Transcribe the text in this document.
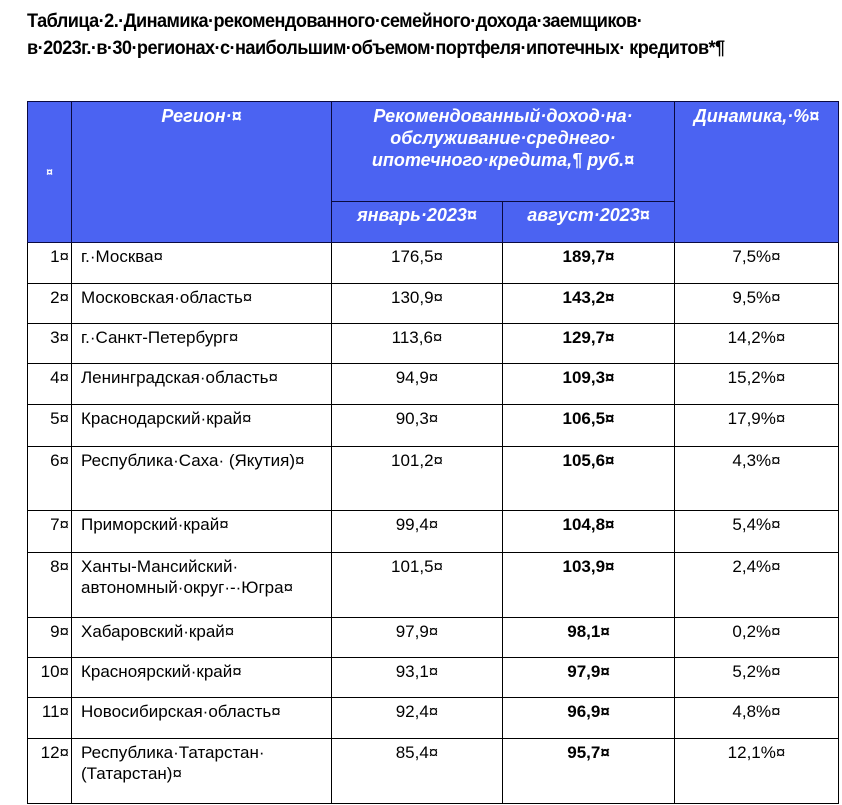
Таблица·2.·Динамика·рекомендованного·семейного·дохода·заемщиков· в·2023г.·в·30·регионах·с·наибольшим·объемом·портфеля·ипотечных· кредитов*¶
¤	Регион·¤	Рекомендованный·доход·на· обслуживание·среднего· ипотечного·кредита,¶ руб.¤		Динамика,·%¤
		январь·2023¤	август·2023¤	
1¤	г.·Москва¤	176,5¤	189,7¤	7,5%¤
2¤	Московская·область¤	130,9¤	143,2¤	9,5%¤
3¤	г.·Санкт-Петербург¤	113,6¤	129,7¤	14,2%¤
4¤	Ленинградская·область¤	94,9¤	109,3¤	15,2%¤
5¤	Краснодарский·край¤	90,3¤	106,5¤	17,9%¤
6¤	Республика·Саха· (Якутия)¤	101,2¤	105,6¤	4,3%¤
7¤	Приморский·край¤	99,4¤	104,8¤	5,4%¤
8¤	Ханты-Мансийский· автономный·округ·-·Югра¤	101,5¤	103,9¤	2,4%¤
9¤	Хабаровский·край¤	97,9¤	98,1¤	0,2%¤
10¤	Красноярский·край¤	93,1¤	97,9¤	5,2%¤
11¤	Новосибирская·область¤	92,4¤	96,9¤	4,8%¤
12¤	Республика·Татарстан· (Татарстан)¤	85,4¤	95,7¤	12,1%¤
